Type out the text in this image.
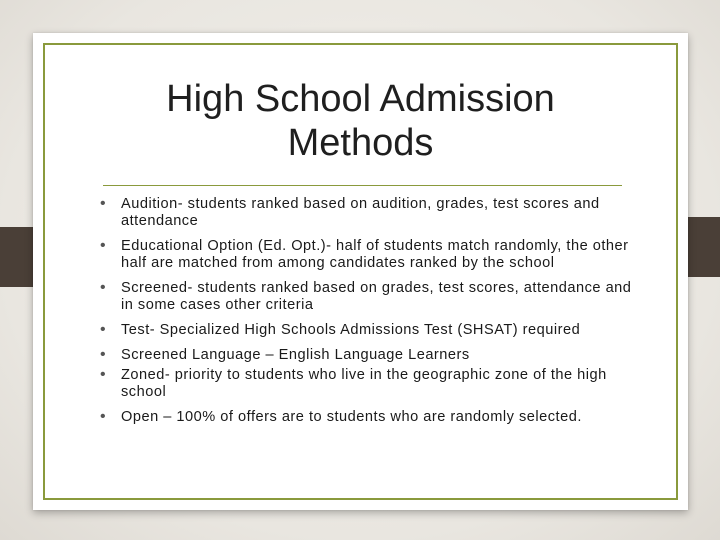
High School Admission
Methods
• Audition- students ranked based on audition, grades, test scores and attendance
• Educational Option (Ed. Opt.)- half of students match randomly, the other half are matched from among candidates ranked by the school
• Screened- students ranked based on grades, test scores, attendance and in some cases other criteria
• Test- Specialized High Schools Admissions Test (SHSAT) required
• Screened Language – English Language Learners
• Zoned- priority to students who live in the geographic zone of the high school
• Open – 100% of offers are to students who are randomly selected.
